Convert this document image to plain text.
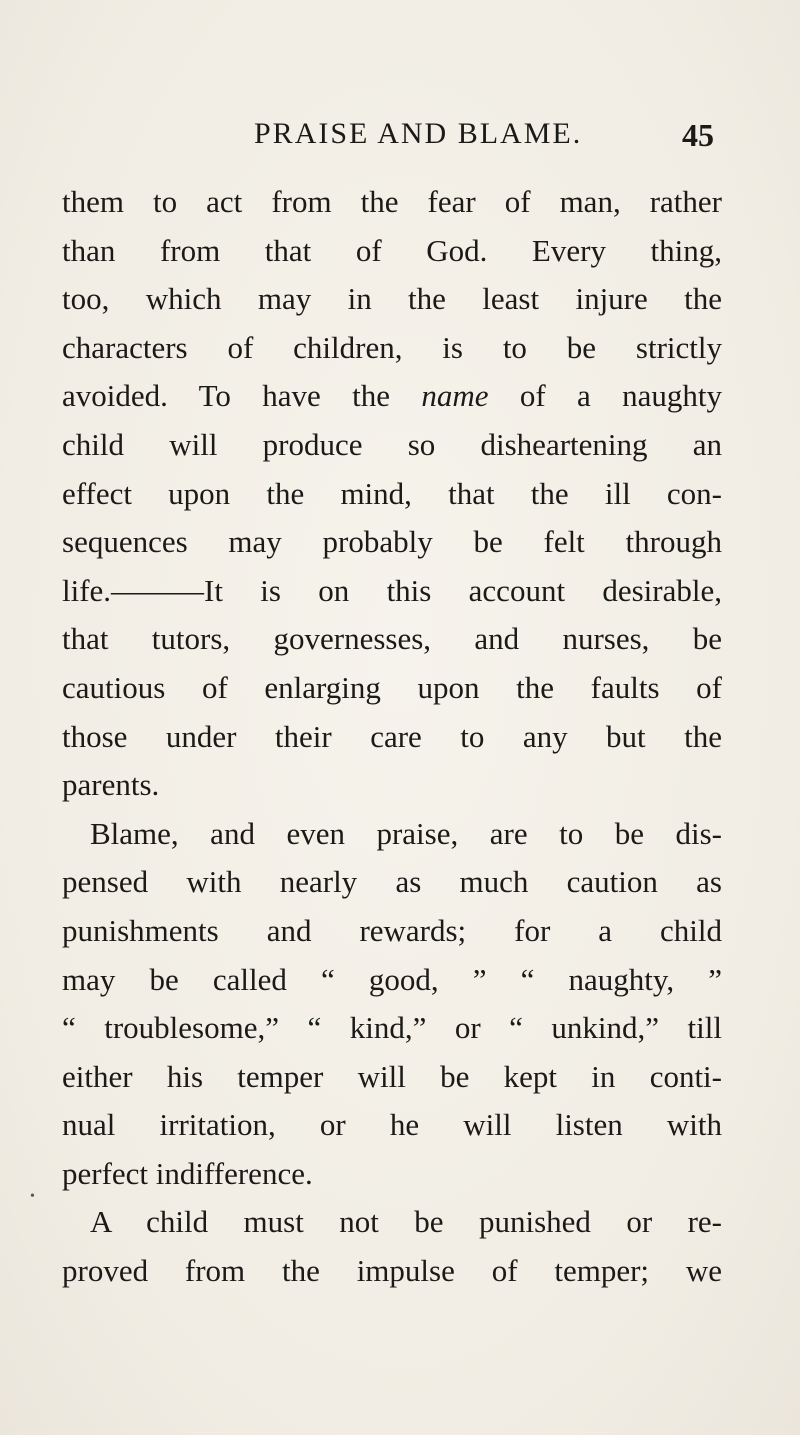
PRAISE AND BLAME.	45
them to act from the fear of man, rather
than from that of God. Every thing,
too, which may in the least injure the
characters of children, is to be strictly
avoided. To have the name of a naughty
child will produce so disheartening an
effect upon the mind, that the ill con-
sequences may probably be felt through
life.———It is on this account desirable,
that tutors, governesses, and nurses, be
cautious of enlarging upon the faults of
those under their care to any but the
parents.
Blame, and even praise, are to be dis-
pensed with nearly as much caution as
punishments and rewards; for a child
may be called “ good, ” “ naughty, ”
“ troublesome,” “ kind,” or “ unkind,” till
either his temper will be kept in conti-
nual irritation, or he will listen with
perfect indifference.
A child must not be punished or re-
proved from the impulse of temper; we
•
